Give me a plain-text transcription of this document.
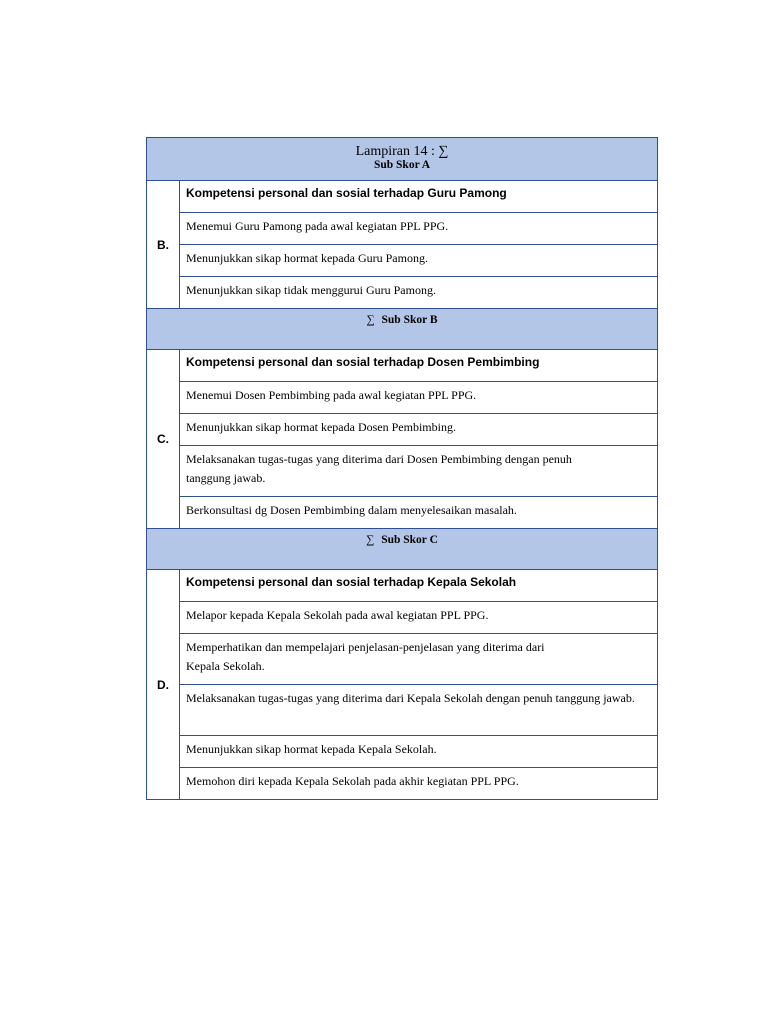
Lampiran 14 : ∑
Sub Skor A	

B.	Kompetensi personal dan sosial terhadap Guru Pamong

	Menemui Guru Pamong pada awal kegiatan PPL PPG.

	Menunjukkan sikap hormat kepada Guru Pamong.

	Menunjukkan sikap tidak menggurui Guru Pamong.

∑ Sub Skor B	

C.	Kompetensi personal dan sosial terhadap Dosen Pembimbing

	Menemui Dosen Pembimbing pada awal kegiatan PPL PPG.

	Menunjukkan sikap hormat kepada Dosen Pembimbing.

	Melaksanakan tugas-tugas yang diterima dari Dosen Pembimbing dengan penuh tanggung jawab.

	Berkonsultasi dg Dosen Pembimbing dalam menyelesaikan masalah.

∑ Sub Skor C	

D.	Kompetensi personal dan sosial terhadap Kepala Sekolah

	Melapor kepada Kepala Sekolah pada awal kegiatan PPL PPG.

	Memperhatikan dan mempelajari penjelasan-penjelasan yang diterima dari Kepala Sekolah.

	Melaksanakan tugas-tugas yang diterima dari Kepala Sekolah dengan penuh tanggung jawab.

	Menunjukkan sikap hormat kepada Kepala Sekolah.

	Memohon diri kepada Kepala Sekolah pada akhir kegiatan PPL PPG.
